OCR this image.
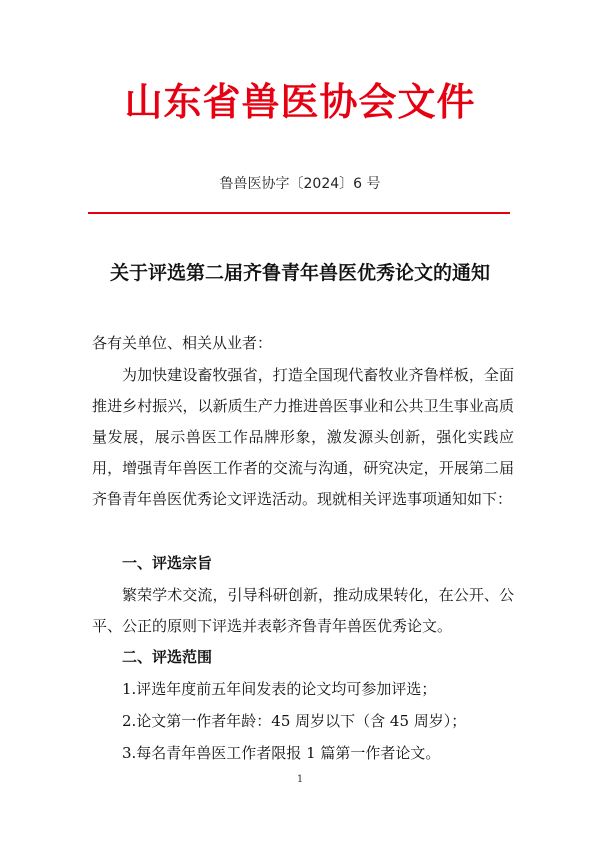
山东省兽医协会文件
鲁兽医协字〔2024〕6 号
关于评选第二届齐鲁青年兽医优秀论文的通知

各有关单位、相关从业者：

为加快建设畜牧强省，打造全国现代畜牧业齐鲁样板，全面推进乡村振兴，以新质生产力推进兽医事业和公共卫生事业高质量发展，展示兽医工作品牌形象，激发源头创新，强化实践应用，增强青年兽医工作者的交流与沟通，研究决定，开展第二届齐鲁青年兽医优秀论文评选活动。现就相关评选事项通知如下：

一、评选宗旨

繁荣学术交流，引导科研创新，推动成果转化，在公开、公平、公正的原则下评选并表彰齐鲁青年兽医优秀论文。

二、评选范围

1.评选年度前五年间发表的论文均可参加评选；

2.论文第一作者年龄：45 周岁以下（含 45 周岁）；

3.每名青年兽医工作者限报 1 篇第一作者论文。

1
